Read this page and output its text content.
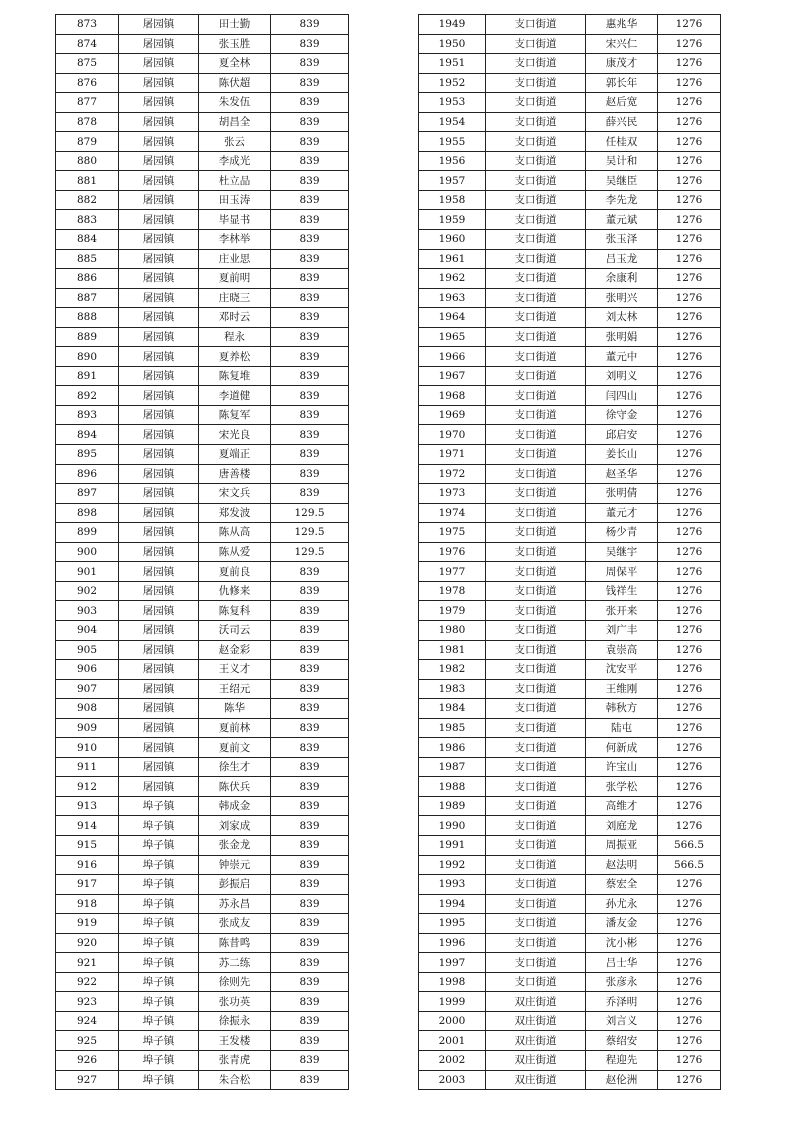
873	屠园镇	田士勤	839
874	屠园镇	张玉胜	839
875	屠园镇	夏全林	839
876	屠园镇	陈伏超	839
877	屠园镇	朱发伍	839
878	屠园镇	胡昌全	839
879	屠园镇	张云	839
880	屠园镇	李成光	839
881	屠园镇	杜立品	839
882	屠园镇	田玉涛	839
883	屠园镇	毕显书	839
884	屠园镇	李林举	839
885	屠园镇	庄业思	839
886	屠园镇	夏前明	839
887	屠园镇	庄晓三	839
888	屠园镇	邓时云	839
889	屠园镇	程永	839
890	屠园镇	夏养松	839
891	屠园镇	陈复堆	839
892	屠园镇	李道健	839
893	屠园镇	陈复军	839
894	屠园镇	宋光良	839
895	屠园镇	夏端正	839
896	屠园镇	唐善楼	839
897	屠园镇	宋文兵	839
898	屠园镇	郑发波	129.5
899	屠园镇	陈从高	129.5
900	屠园镇	陈从爱	129.5
901	屠园镇	夏前良	839
902	屠园镇	仇修来	839
903	屠园镇	陈复科	839
904	屠园镇	沃司云	839
905	屠园镇	赵金彩	839
906	屠园镇	王义才	839
907	屠园镇	王绍元	839
908	屠园镇	陈华	839
909	屠园镇	夏前林	839
910	屠园镇	夏前文	839
911	屠园镇	徐生才	839
912	屠园镇	陈伏兵	839
913	埠子镇	韩成金	839
914	埠子镇	刘家成	839
915	埠子镇	张金龙	839
916	埠子镇	钟崇元	839
917	埠子镇	彭振启	839
918	埠子镇	苏永昌	839
919	埠子镇	张成友	839
920	埠子镇	陈昔鸣	839
921	埠子镇	苏二练	839
922	埠子镇	徐则先	839
923	埠子镇	张功英	839
924	埠子镇	徐振永	839
925	埠子镇	王发楼	839
926	埠子镇	张青虎	839
927	埠子镇	朱合松	839
1949	支口街道	惠兆华	1276
1950	支口街道	宋兴仁	1276
1951	支口街道	康茂才	1276
1952	支口街道	郭长年	1276
1953	支口街道	赵后宽	1276
1954	支口街道	薛兴民	1276
1955	支口街道	任桂双	1276
1956	支口街道	吴计和	1276
1957	支口街道	吴继臣	1276
1958	支口街道	李先龙	1276
1959	支口街道	董元斌	1276
1960	支口街道	张玉泽	1276
1961	支口街道	吕玉龙	1276
1962	支口街道	余康利	1276
1963	支口街道	张明兴	1276
1964	支口街道	刘太林	1276
1965	支口街道	张明娟	1276
1966	支口街道	董元中	1276
1967	支口街道	刘明义	1276
1968	支口街道	闫四山	1276
1969	支口街道	徐守金	1276
1970	支口街道	邱启安	1276
1971	支口街道	姜长山	1276
1972	支口街道	赵圣华	1276
1973	支口街道	张明倩	1276
1974	支口街道	董元才	1276
1975	支口街道	杨少青	1276
1976	支口街道	吴继宇	1276
1977	支口街道	周保平	1276
1978	支口街道	钱祥生	1276
1979	支口街道	张开来	1276
1980	支口街道	刘广丰	1276
1981	支口街道	袁崇高	1276
1982	支口街道	沈安平	1276
1983	支口街道	王维刚	1276
1984	支口街道	韩秋方	1276
1985	支口街道	陆屯	1276
1986	支口街道	何新成	1276
1987	支口街道	许宝山	1276
1988	支口街道	张学松	1276
1989	支口街道	高维才	1276
1990	支口街道	刘庭龙	1276
1991	支口街道	周振亚	566.5
1992	支口街道	赵法明	566.5
1993	支口街道	蔡宏全	1276
1994	支口街道	孙尤永	1276
1995	支口街道	潘友金	1276
1996	支口街道	沈小彬	1276
1997	支口街道	吕士华	1276
1998	支口街道	张彦永	1276
1999	双庄街道	乔泽明	1276
2000	双庄街道	刘言义	1276
2001	双庄街道	蔡绍安	1276
2002	双庄街道	程迎先	1276
2003	双庄街道	赵伦洲	1276
